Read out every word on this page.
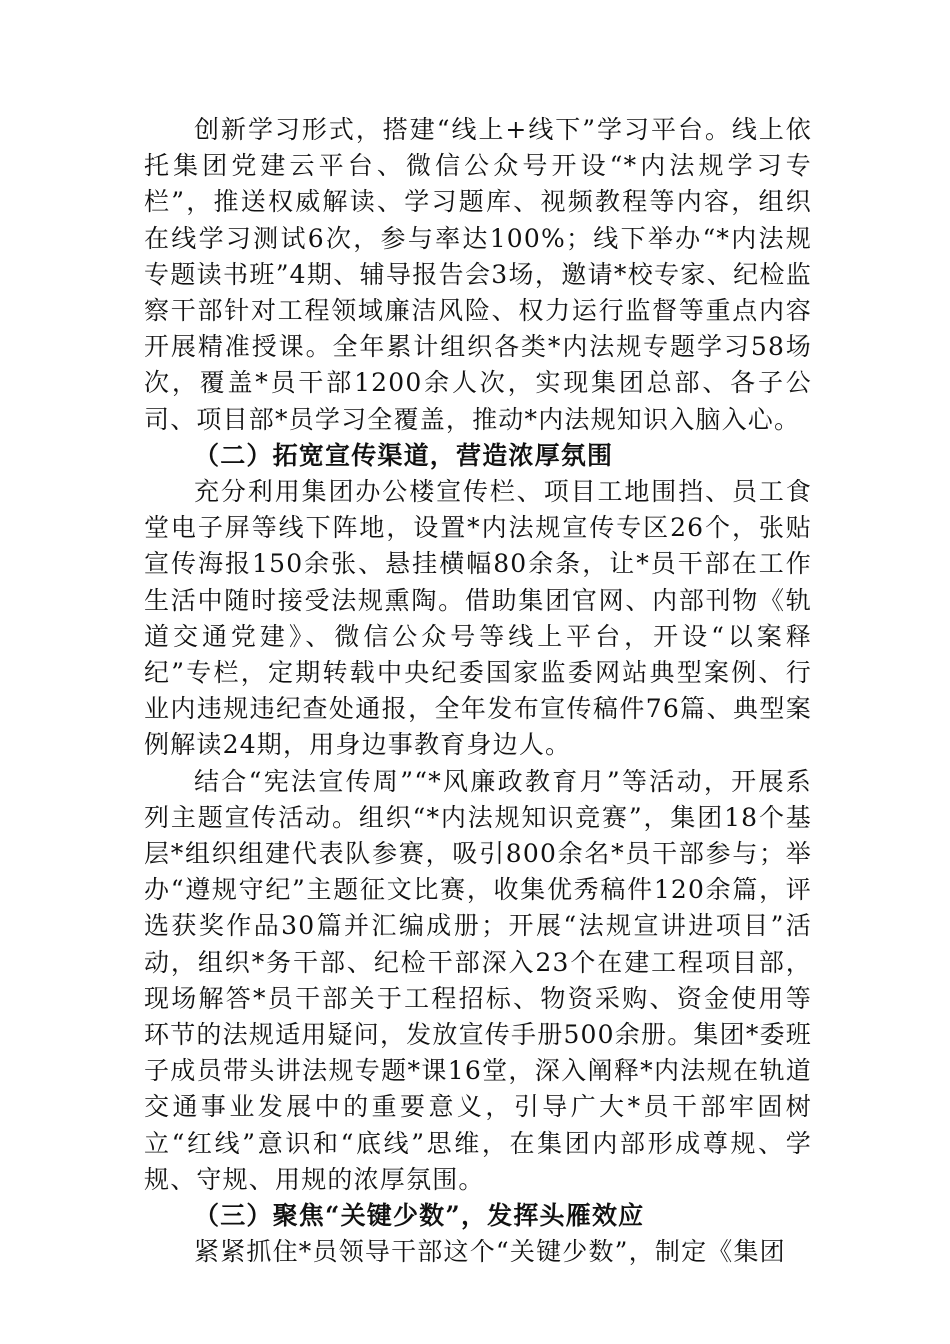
创新学习形式，搭建“线上+线下”学习平台。线上依托集团党建云平台、微信公众号开设“*内法规学习专栏”，推送权威解读、学习题库、视频教程等内容，组织在线学习测试6次，参与率达100%；线下举办“*内法规专题读书班”4期、辅导报告会3场，邀请*校专家、纪检监察干部针对工程领域廉洁风险、权力运行监督等重点内容开展精准授课。全年累计组织各类*内法规专题学习58场次，覆盖*员干部1200余人次，实现集团总部、各子公司、项目部*员学习全覆盖，推动*内法规知识入脑入心。

（二）拓宽宣传渠道，营造浓厚氛围

充分利用集团办公楼宣传栏、项目工地围挡、员工食堂电子屏等线下阵地，设置*内法规宣传专区26个，张贴宣传海报150余张、悬挂横幅80余条，让*员干部在工作生活中随时接受法规熏陶。借助集团官网、内部刊物《轨道交通党建》、微信公众号等线上平台，开设“以案释纪”专栏，定期转载中央纪委国家监委网站典型案例、行业内违规违纪查处通报，全年发布宣传稿件76篇、典型案例解读24期，用身边事教育身边人。

结合“宪法宣传周”“*风廉政教育月”等活动，开展系列主题宣传活动。组织“*内法规知识竞赛”，集团18个基层*组织组建代表队参赛，吸引800余名*员干部参与；举办“遵规守纪”主题征文比赛，收集优秀稿件120余篇，评选获奖作品30篇并汇编成册；开展“法规宣讲进项目”活动，组织*务干部、纪检干部深入23个在建工程项目部，现场解答*员干部关于工程招标、物资采购、资金使用等环节的法规适用疑问，发放宣传手册500余册。集团*委班子成员带头讲法规专题*课16堂，深入阐释*内法规在轨道交通事业发展中的重要意义，引导广大*员干部牢固树立“红线”意识和“底线”思维，在集团内部形成尊规、学规、守规、用规的浓厚氛围。

（三）聚焦“关键少数”，发挥头雁效应

紧紧抓住*员领导干部这个“关键少数”，制定《集团
